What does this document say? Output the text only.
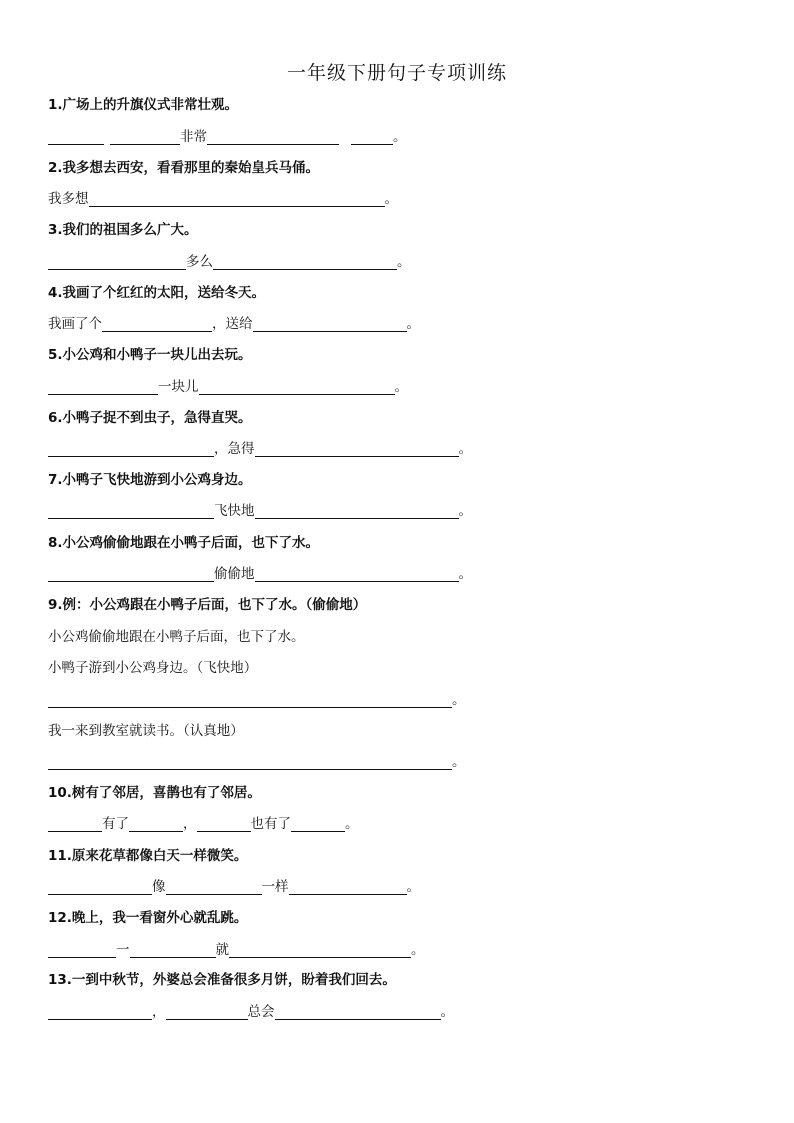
一年级下册句子专项训练
1.广场上的升旗仪式非常壮观。
非常	。
2.我多想去西安，看看那里的秦始皇兵马俑。
我多想	。
3.我们的祖国多么广大。
多么	。
4.我画了个红红的太阳，送给冬天。
我画了个	，送给	。
5.小公鸡和小鸭子一块儿出去玩。
一块儿	。
6.小鸭子捉不到虫子，急得直哭。
，急得	。
7.小鸭子飞快地游到小公鸡身边。
飞快地	。
8.小公鸡偷偷地跟在小鸭子后面，也下了水。
偷偷地	。
9.例：小公鸡跟在小鸭子后面，也下了水。（偷偷地）
小公鸡偷偷地跟在小鸭子后面，也下了水。
小鸭子游到小公鸡身边。（飞快地）
。
我一来到教室就读书。（认真地）
。
10.树有了邻居，喜鹊也有了邻居。
有了	，	也有了	。
11.原来花草都像白天一样微笑。
像	一样	。
12.晚上，我一看窗外心就乱跳。
一	就	。
13.一到中秋节，外婆总会准备很多月饼，盼着我们回去。
，	总会	。
